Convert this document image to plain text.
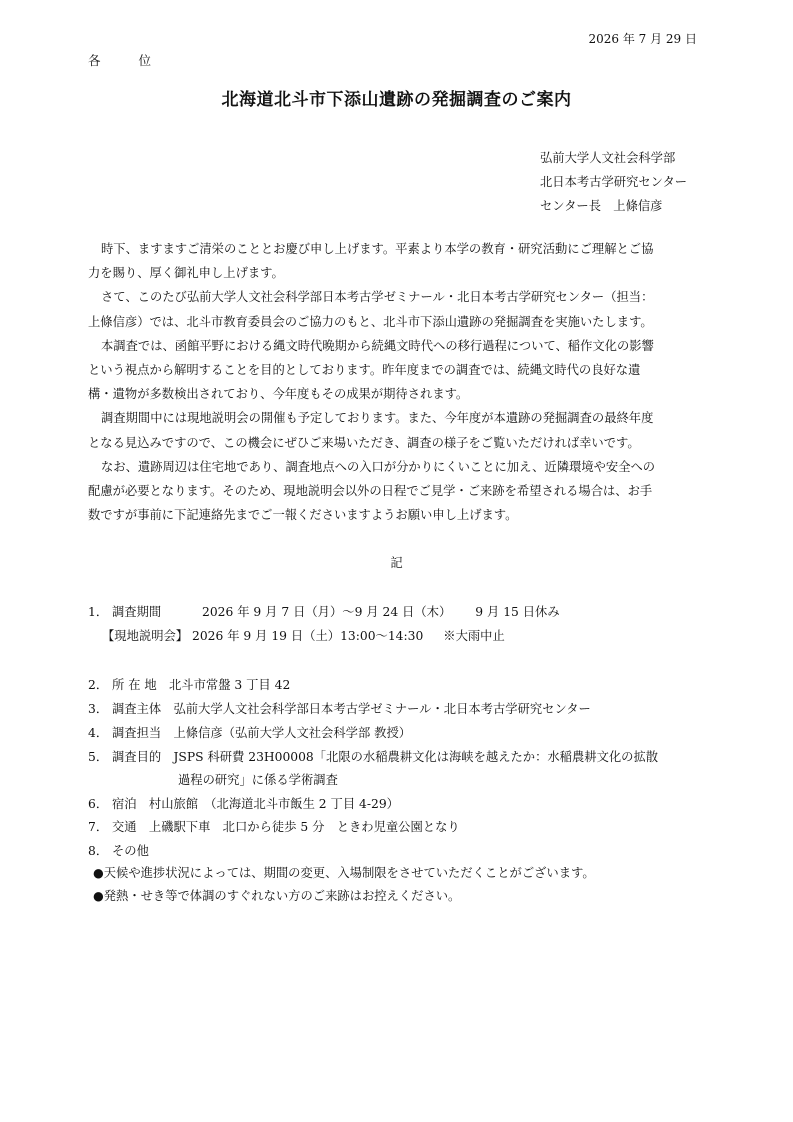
2026 年 7 月 29 日
各	位
北海道北斗市下添山遺跡の発掘調査のご案内
弘前大学人文社会科学部
北日本考古学研究センター
センター長　上條信彦

時下、ますますご清栄のこととお慶び申し上げます。平素より本学の教育・研究活動にご理解とご協
力を賜り、厚く御礼申し上げます。

さて、このたび弘前大学人文社会科学部日本考古学ゼミナール・北日本考古学研究センター（担当：
上條信彦）では、北斗市教育委員会のご協力のもと、北斗市下添山遺跡の発掘調査を実施いたします。

本調査では、函館平野における縄文時代晩期から続縄文時代への移行過程について、稲作文化の影響
という視点から解明することを目的としております。昨年度までの調査では、続縄文時代の良好な遺
構・遺物が多数検出されており、今年度もその成果が期待されます。

調査期間中には現地説明会の開催も予定しております。また、今年度が本遺跡の発掘調査の最終年度
となる見込みですので、この機会にぜひご来場いただき、調査の様子をご覧いただければ幸いです。

なお、遺跡周辺は住宅地であり、調査地点への入口が分かりにくいことに加え、近隣環境や安全への
配慮が必要となります。そのため、現地説明会以外の日程でご見学・ご来跡を希望される場合は、お手
数ですが事前に下記連絡先までご一報くださいますようお願い申し上げます。

記
1． 調査期間	2026 年 9 月 7 日（月）～9 月 24 日（木） 9 月 15 日休み
【現地説明会】 2026 年 9 月 19 日（土）13:00～14:30 ※大雨中止
2． 所 在 地　北斗市常盤 3 丁目 42
3． 調査主体　弘前大学人文社会科学部日本考古学ゼミナール・北日本考古学研究センター
4． 調査担当　上條信彦（弘前大学人文社会科学部 教授）
5． 調査目的　JSPS 科研費 23H00008「北限の水稲農耕文化は海峡を越えたか：水稲農耕文化の拡散
過程の研究」に係る学術調査
6． 宿泊　村山旅館　（北海道北斗市飯生 2 丁目 4-29）
7． 交通　上磯駅下車　北口から徒歩 5 分　ときわ児童公園となり
8． その他
●天候や進捗状況によっては、期間の変更、入場制限をさせていただくことがございます。
●発熱・せき等で体調のすぐれない方のご来跡はお控えください。
